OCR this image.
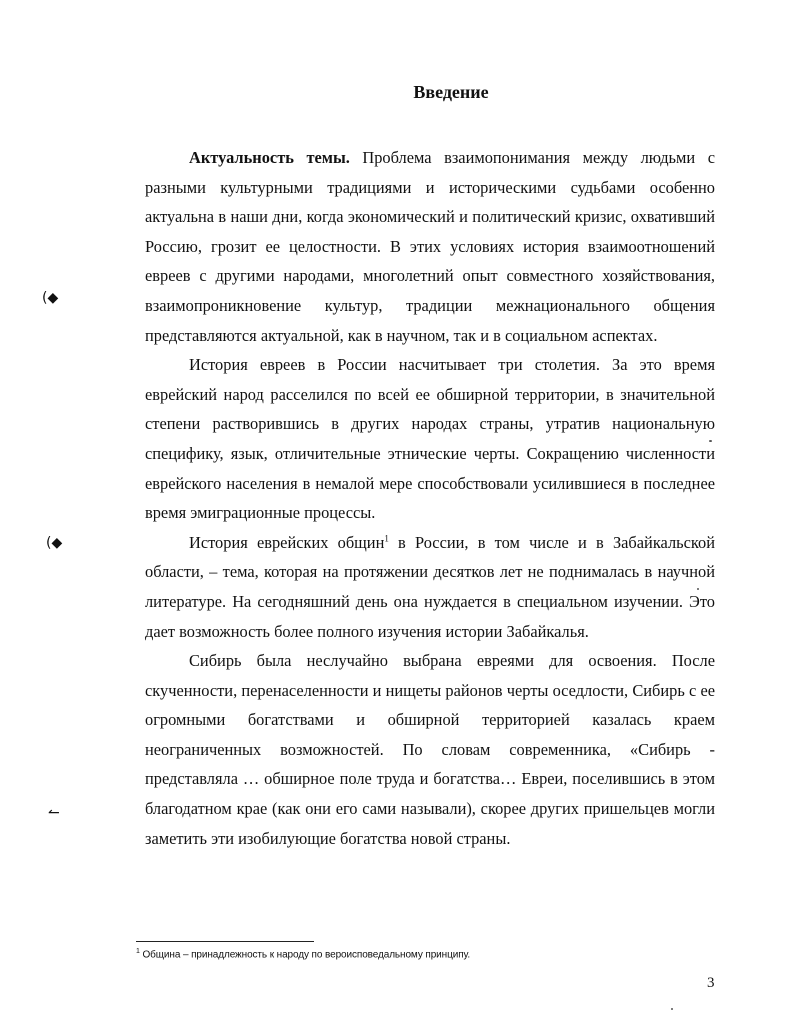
Введение

Актуальность темы. Проблема взаимопонимания между людьми с разными культурными традициями и историческими судьбами особенно актуальна в наши дни, когда экономический и политический кризис, охвативший Россию, грозит ее целостности. В этих условиях история взаимоотношений евреев с другими народами, многолетний опыт совместного хозяйствования, взаимопроникновение культур, традиции межнационального общения представляются актуальной, как в научном, так и в социальном аспектах.

История евреев в России насчитывает три столетия. За это время еврейский народ расселился по всей ее обширной территории, в значительной степени растворившись в других народах страны, утратив национальную специфику, язык, отличительные этнические черты. Сокращению численности еврейского населения в немалой мере способствовали усилившиеся в последнее время эмиграционные процессы.

История еврейских общин$^1$ в России, в том числе и в Забайкальской области, – тема, которая на протяжении десятков лет не поднималась в научной литературе. На сегодняшний день она нуждается в специальном изучении. Это дает возможность более полного изучения истории Забайкалья.

Сибирь была неслучайно выбрана евреями для освоения. После скученности, перенаселенности и нищеты районов черты оседлости, Сибирь с ее огромными богатствами и обширной территорией казалась краем неограниченных возможностей. По словам современника, «Сибирь - представляла … обширное поле труда и богатства… Евреи, поселившись в этом благодатном крае (как они его сами называли), скорее других пришельцев могли заметить эти изобилующие богатства новой страны.

(◆
(◆
↼
$^1$ Община – принадлежность к народу по вероисповедальному принципу.
3
